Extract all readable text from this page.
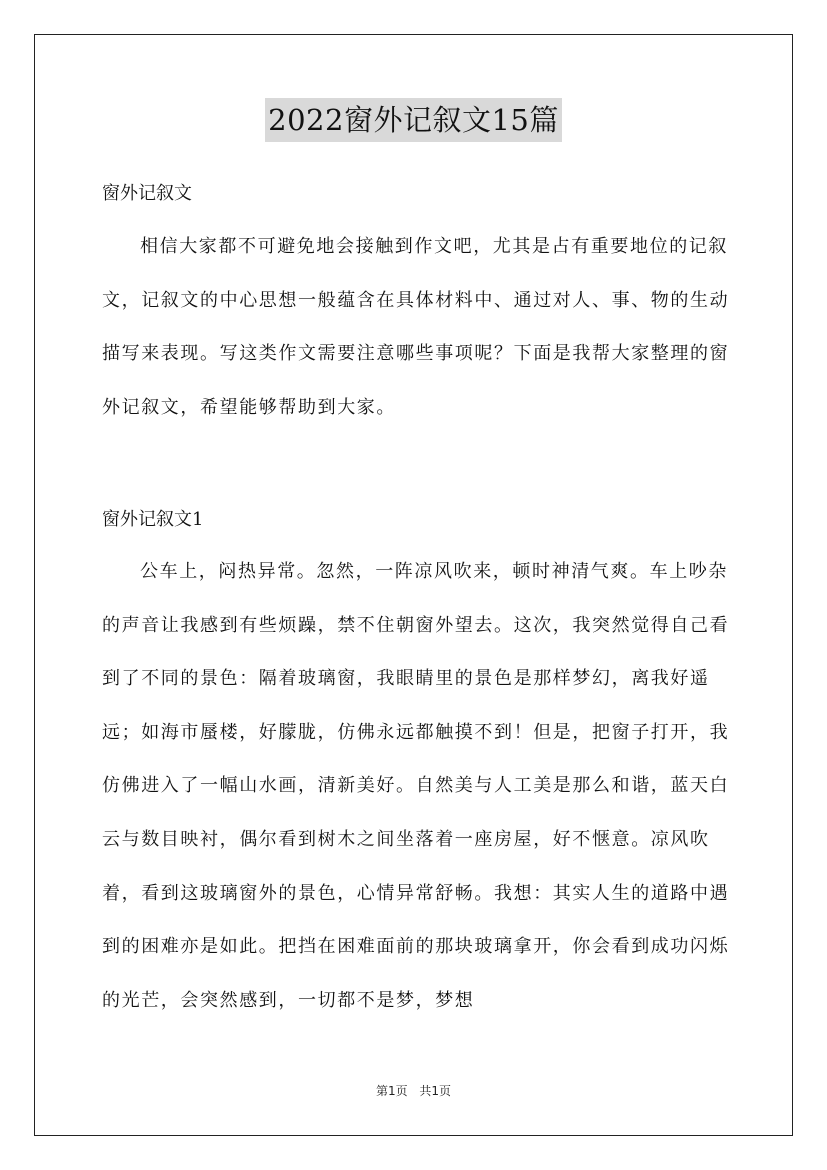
2022窗外记叙文15篇
窗外记叙文

相信大家都不可避免地会接触到作文吧，尤其是占有重要地位的记叙文，记叙文的中心思想一般蕴含在具体材料中、通过对人、事、物的生动描写来表现。写这类作文需要注意哪些事项呢？下面是我帮大家整理的窗外记叙文，希望能够帮助到大家。

窗外记叙文1

公车上，闷热异常。忽然，一阵凉风吹来，顿时神清气爽。车上吵杂的声音让我感到有些烦躁，禁不住朝窗外望去。这次，我突然觉得自己看到了不同的景色：隔着玻璃窗，我眼睛里的景色是那样梦幻，离我好遥远；如海市蜃楼，好朦胧，仿佛永远都触摸不到！但是，把窗子打开，我仿佛进入了一幅山水画，清新美好。自然美与人工美是那么和谐，蓝天白云与数目映衬，偶尔看到树木之间坐落着一座房屋，好不惬意。凉风吹着，看到这玻璃窗外的景色，心情异常舒畅。我想：其实人生的道路中遇到的困难亦是如此。把挡在困难面前的那块玻璃拿开，你会看到成功闪烁的光芒，会突然感到，一切都不是梦，梦想

第1页 共1页
